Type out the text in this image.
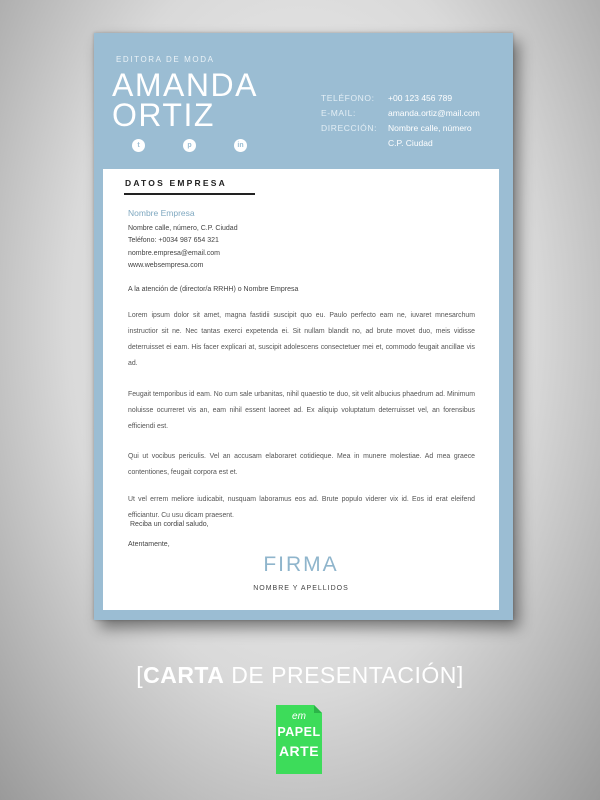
EDITORA DE MODA
AMANDA
ORTIZ
t	p	in
TELÉFONO:	+00 123 456 789
E-MAIL:	amanda.ortiz@mail.com
DIRECCIÓN:	Nombre calle, número
C.P. Ciudad
DATOS EMPRESA
Nombre Empresa
Nombre calle, número, C.P. Ciudad
Teléfono: +0034 987 654 321
nombre.empresa@email.com
www.websempresa.com
A la atención de (director/a RRHH) o Nombre Empresa
Lorem ipsum dolor sit amet, magna fastidii suscipit quo eu. Paulo perfecto eam ne, iuvaret mnesarchum instructior sit ne. Nec tantas exerci expetenda ei. Sit nullam blandit no, ad brute movet duo, meis vidisse deterruisset ei eam. His facer explicari at, suscipit adolescens consectetuer mei et, commodo feugait ancillae vis ad.
Feugait temporibus id eam. No cum sale urbanitas, nihil quaestio te duo, sit velit albucius phaedrum ad. Minimum noluisse ocurreret vis an, eam nihil essent laoreet ad. Ex aliquip voluptatum deterruisset vel, an forensibus efficiendi est.
Qui ut vocibus periculis. Vel an accusam elaboraret cotidieque. Mea in munere molestiae. Ad mea graece contentiones, feugait corpora est et.
Ut vel errem meliore iudicabit, nusquam laboramus eos ad. Brute populo viderer vix id. Eos id erat eleifend efficiantur. Cu usu dicam praesent.
Reciba un cordial saludo,
Atentamente,
FIRMA
NOMBRE Y APELLIDOS
[CARTA DE PRESENTACIÓN]
em
PAPEL
ARTE
